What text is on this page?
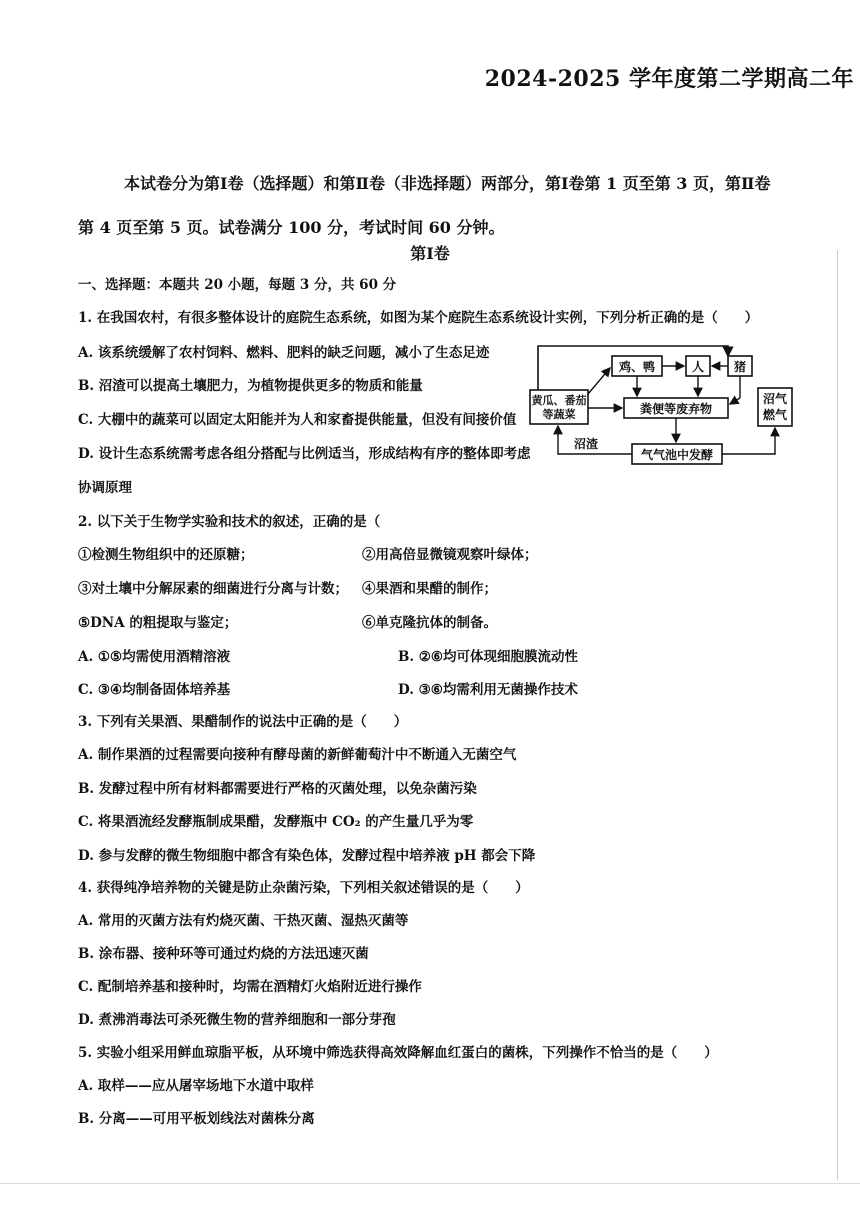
2024-2025 学年度第二学期高二年
本试卷分为第Ⅰ卷（选择题）和第Ⅱ卷（非选择题）两部分，第Ⅰ卷第 1 页至第 3 页，第Ⅱ卷
第 4 页至第 5 页。试卷满分 100 分，考试时间 60 分钟。
第Ⅰ卷
一、选择题：本题共 20 小题，每题 3 分，共 60 分
1. 在我国农村，有很多整体设计的庭院生态系统，如图为某个庭院生态系统设计实例，下列分析正确的是（　　）
A. 该系统缓解了农村饲料、燃料、肥料的缺乏问题，减小了生态足迹
B. 沼渣可以提高土壤肥力，为植物提供更多的物质和能量
C. 大棚中的蔬菜可以固定太阳能并为人和家畜提供能量，但没有间接价值
D. 设计生态系统需考虑各组分搭配与比例适当，形成结构有序的整体即考虑
协调原理
鸡、鸭	人 猪
黄瓜、番茄
等蔬菜	粪便等废弃物
沼气
燃气
气气池中发酵
沼渣
2. 以下关于生物学实验和技术的叙述，正确的是（
①检测生物组织中的还原糖；	②用高倍显微镜观察叶绿体；
③对土壤中分解尿素的细菌进行分离与计数； ④果酒和果醋的制作；
⑤DNA 的粗提取与鉴定；	⑥单克隆抗体的制备。
A. ①⑤均需使用酒精溶液	B. ②⑥均可体现细胞膜流动性
C. ③④均制备固体培养基	D. ③⑥均需利用无菌操作技术
3. 下列有关果酒、果醋制作的说法中正确的是（　　）
A. 制作果酒的过程需要向接种有酵母菌的新鲜葡萄汁中不断通入无菌空气
B. 发酵过程中所有材料都需要进行严格的灭菌处理，以免杂菌污染
C. 将果酒流经发酵瓶制成果醋，发酵瓶中 CO₂ 的产生量几乎为零
D. 参与发酵的微生物细胞中都含有染色体，发酵过程中培养液 pH 都会下降
4. 获得纯净培养物的关键是防止杂菌污染，下列相关叙述错误的是（　　）
A. 常用的灭菌方法有灼烧灭菌、干热灭菌、湿热灭菌等
B. 涂布器、接种环等可通过灼烧的方法迅速灭菌
C. 配制培养基和接种时，均需在酒精灯火焰附近进行操作
D. 煮沸消毒法可杀死微生物的营养细胞和一部分芽孢
5. 实验小组采用鲜血琼脂平板，从环境中筛选获得高效降解血红蛋白的菌株，下列操作不恰当的是（　　）
A. 取样——应从屠宰场地下水道中取样
B. 分离——可用平板划线法对菌株分离
